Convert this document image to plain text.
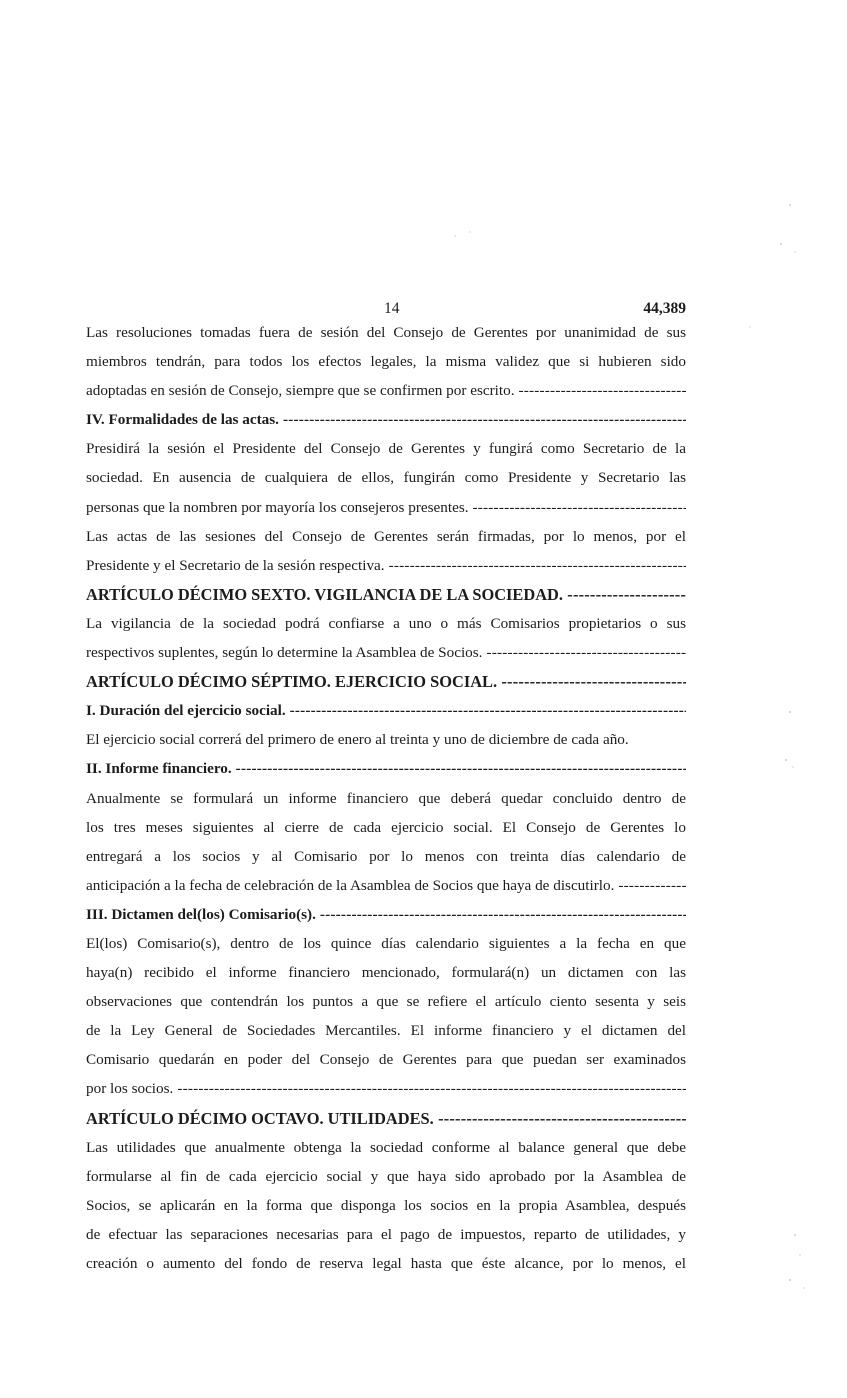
14	44,389
Las resoluciones tomadas fuera de sesión del Consejo de Gerentes por unanimidad de sus
miembros tendrán, para todos los efectos legales, la misma validez que si hubieren sido
adoptadas en sesión de Consejo, siempre que se confirmen por escrito. -----
IV. Formalidades de las actas. -----
Presidirá la sesión el Presidente del Consejo de Gerentes y fungirá como Secretario de la
sociedad. En ausencia de cualquiera de ellos, fungirán como Presidente y Secretario las
personas que la nombren por mayoría los consejeros presentes. -----
Las actas de las sesiones del Consejo de Gerentes serán firmadas, por lo menos, por el
Presidente y el Secretario de la sesión respectiva. -----
ARTÍCULO DÉCIMO SEXTO. VIGILANCIA DE LA SOCIEDAD. -----
La vigilancia de la sociedad podrá confiarse a uno o más Comisarios propietarios o sus
respectivos suplentes, según lo determine la Asamblea de Socios. -----
ARTÍCULO DÉCIMO SÉPTIMO. EJERCICIO SOCIAL. -----
I. Duración del ejercicio social. -----
El ejercicio social correrá del primero de enero al treinta y uno de diciembre de cada año.
II. Informe financiero. -----
Anualmente se formulará un informe financiero que deberá quedar concluido dentro de
los tres meses siguientes al cierre de cada ejercicio social. El Consejo de Gerentes lo
entregará a los socios y al Comisario por lo menos con treinta días calendario de
anticipación a la fecha de celebración de la Asamblea de Socios que haya de discutirlo. -----
III. Dictamen del(los) Comisario(s). -----
El(los) Comisario(s), dentro de los quince días calendario siguientes a la fecha en que
haya(n) recibido el informe financiero mencionado, formulará(n) un dictamen con las
observaciones que contendrán los puntos a que se refiere el artículo ciento sesenta y seis
de la Ley General de Sociedades Mercantiles. El informe financiero y el dictamen del
Comisario quedarán en poder del Consejo de Gerentes para que puedan ser examinados
por los socios. -----
ARTÍCULO DÉCIMO OCTAVO. UTILIDADES. -----
Las utilidades que anualmente obtenga la sociedad conforme al balance general que debe
formularse al fin de cada ejercicio social y que haya sido aprobado por la Asamblea de
Socios, se aplicarán en la forma que disponga los socios en la propia Asamblea, después
de efectuar las separaciones necesarias para el pago de impuestos, reparto de utilidades, y
creación o aumento del fondo de reserva legal hasta que éste alcance, por lo menos, el
